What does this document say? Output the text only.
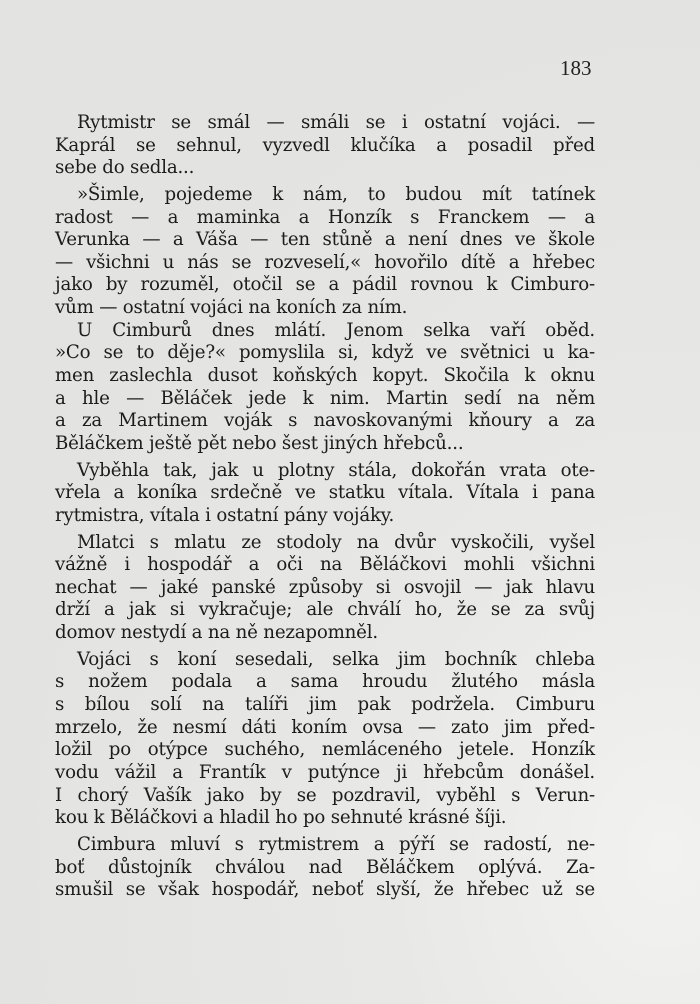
183
Rytmistr se smál — smáli se i ostatní vojáci. —
Kaprál se sehnul, vyzvedl klučíka a posadil před
sebe do sedla...
»Šimle, pojedeme k nám, to budou mít tatínek
radost — a maminka a Honzík s Franckem — a
Verunka — a Váša — ten stůně a není dnes ve škole
— všichni u nás se rozveselí,« hovořilo dítě a hřebec
jako by rozuměl, otočil se a pádil rovnou k Cimburo-
vům — ostatní vojáci na koních za ním.
U Cimburů dnes mlátí. Jenom selka vaří oběd.
»Co se to děje?« pomyslila si, když ve světnici u ka-
men zaslechla dusot koňských kopyt. Skočila k oknu
a hle — Běláček jede k nim. Martin sedí na něm
a za Martinem voják s navoskovanými kňoury a za
Běláčkem ještě pět nebo šest jiných hřebců...
Vyběhla tak, jak u plotny stála, dokořán vrata ote-
vřela a koníka srdečně ve statku vítala. Vítala i pana
rytmistra, vítala i ostatní pány vojáky.
Mlatci s mlatu ze stodoly na dvůr vyskočili, vyšel
vážně i hospodář a oči na Běláčkovi mohli všichni
nechat — jaké panské způsoby si osvojil — jak hlavu
drží a jak si vykračuje; ale chválí ho, že se za svůj
domov nestydí a na ně nezapomněl.
Vojáci s koní sesedali, selka jim bochník chleba
s nožem podala a sama hroudu žlutého másla
s bílou solí na talíři jim pak podržela. Cimburu
mrzelo, že nesmí dáti koním ovsa — zato jim před-
ložil po otýpce suchého, nemláceného jetele. Honzík
vodu vážil a Frantík v putýnce ji hřebcům donášel.
I chorý Vašík jako by se pozdravil, vyběhl s Verun-
kou k Běláčkovi a hladil ho po sehnuté krásné šíji.
Cimbura mluví s rytmistrem a pýří se radostí, ne-
boť důstojník chválou nad Běláčkem oplývá. Za-
smušil se však hospodář, neboť slyší, že hřebec už se
